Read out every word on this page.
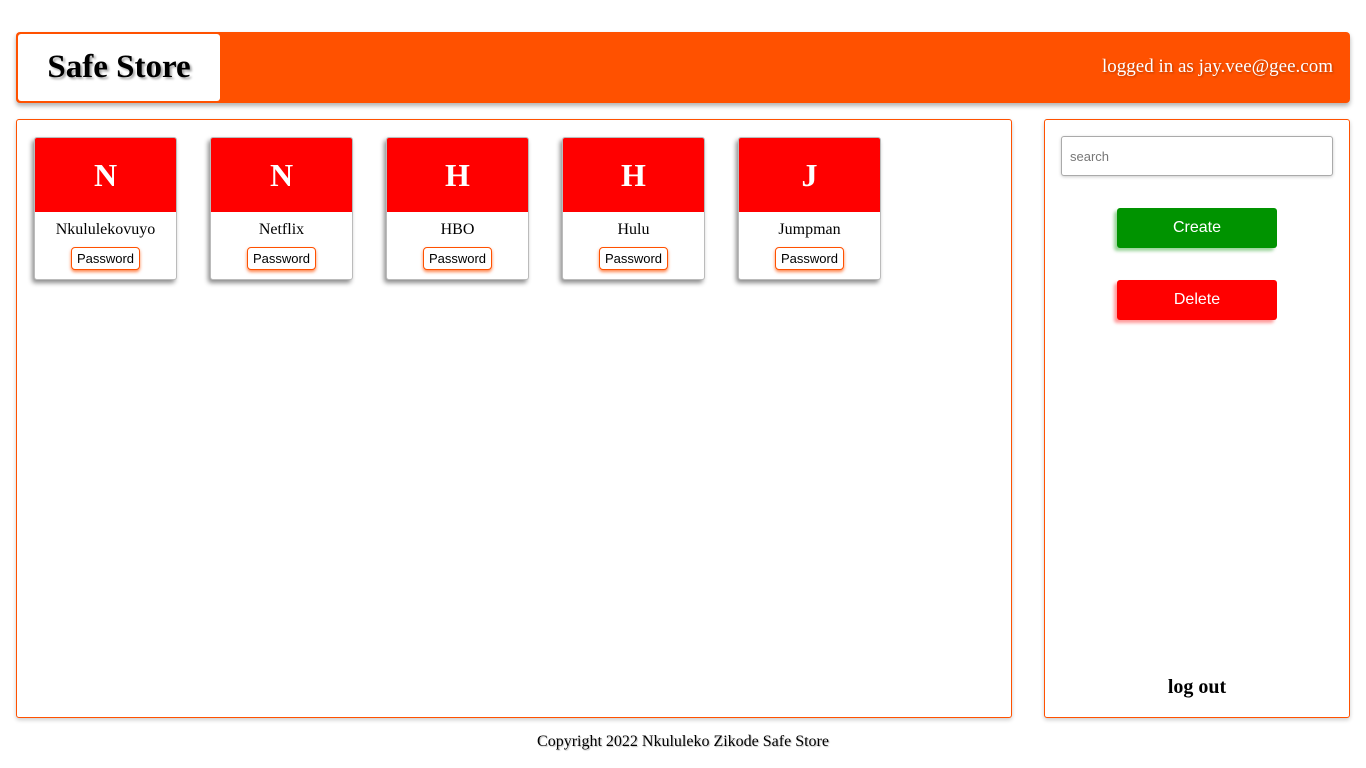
Safe Store	logged in as jay.vee@gee.com
N
Nkululekovuyo
Password
N
Netflix
Password
H
HBO
Password
H
Hulu
Password
J
Jumpman
Password
search
Create
Delete
log out
Copyright 2022 Nkululeko Zikode Safe Store
